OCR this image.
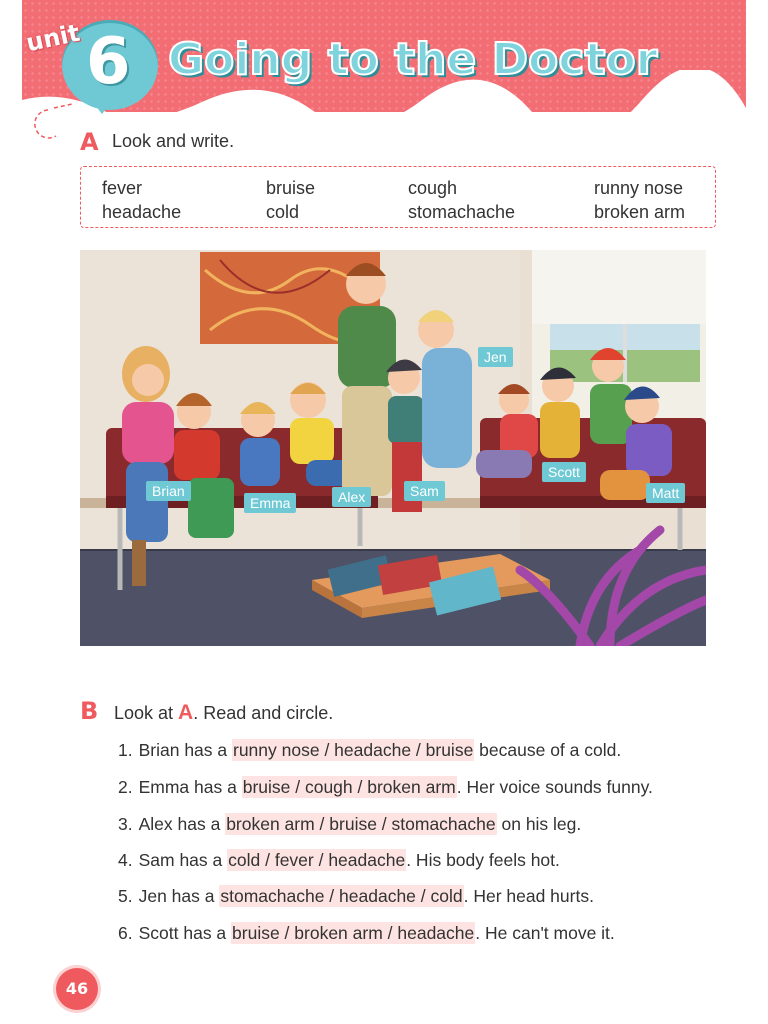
unit 6 Going to the Doctor
A Look and write.
fever	bruise	cough	runny nose
headache	cold	stomachache	broken arm
Brian
Emma	Alex	Sam
Jen
Scott
Matt
B Look at A. Read and circle.
1. Brian has a runny nose / headache / bruise because of a cold.
2. Emma has a bruise / cough / broken arm. Her voice sounds funny.
3. Alex has a broken arm / bruise / stomachache on his leg.
4. Sam has a cold / fever / headache. His body feels hot.
5. Jen has a stomachache / headache / cold. Her head hurts.
6. Scott has a bruise / broken arm / headache. He can't move it.
46
